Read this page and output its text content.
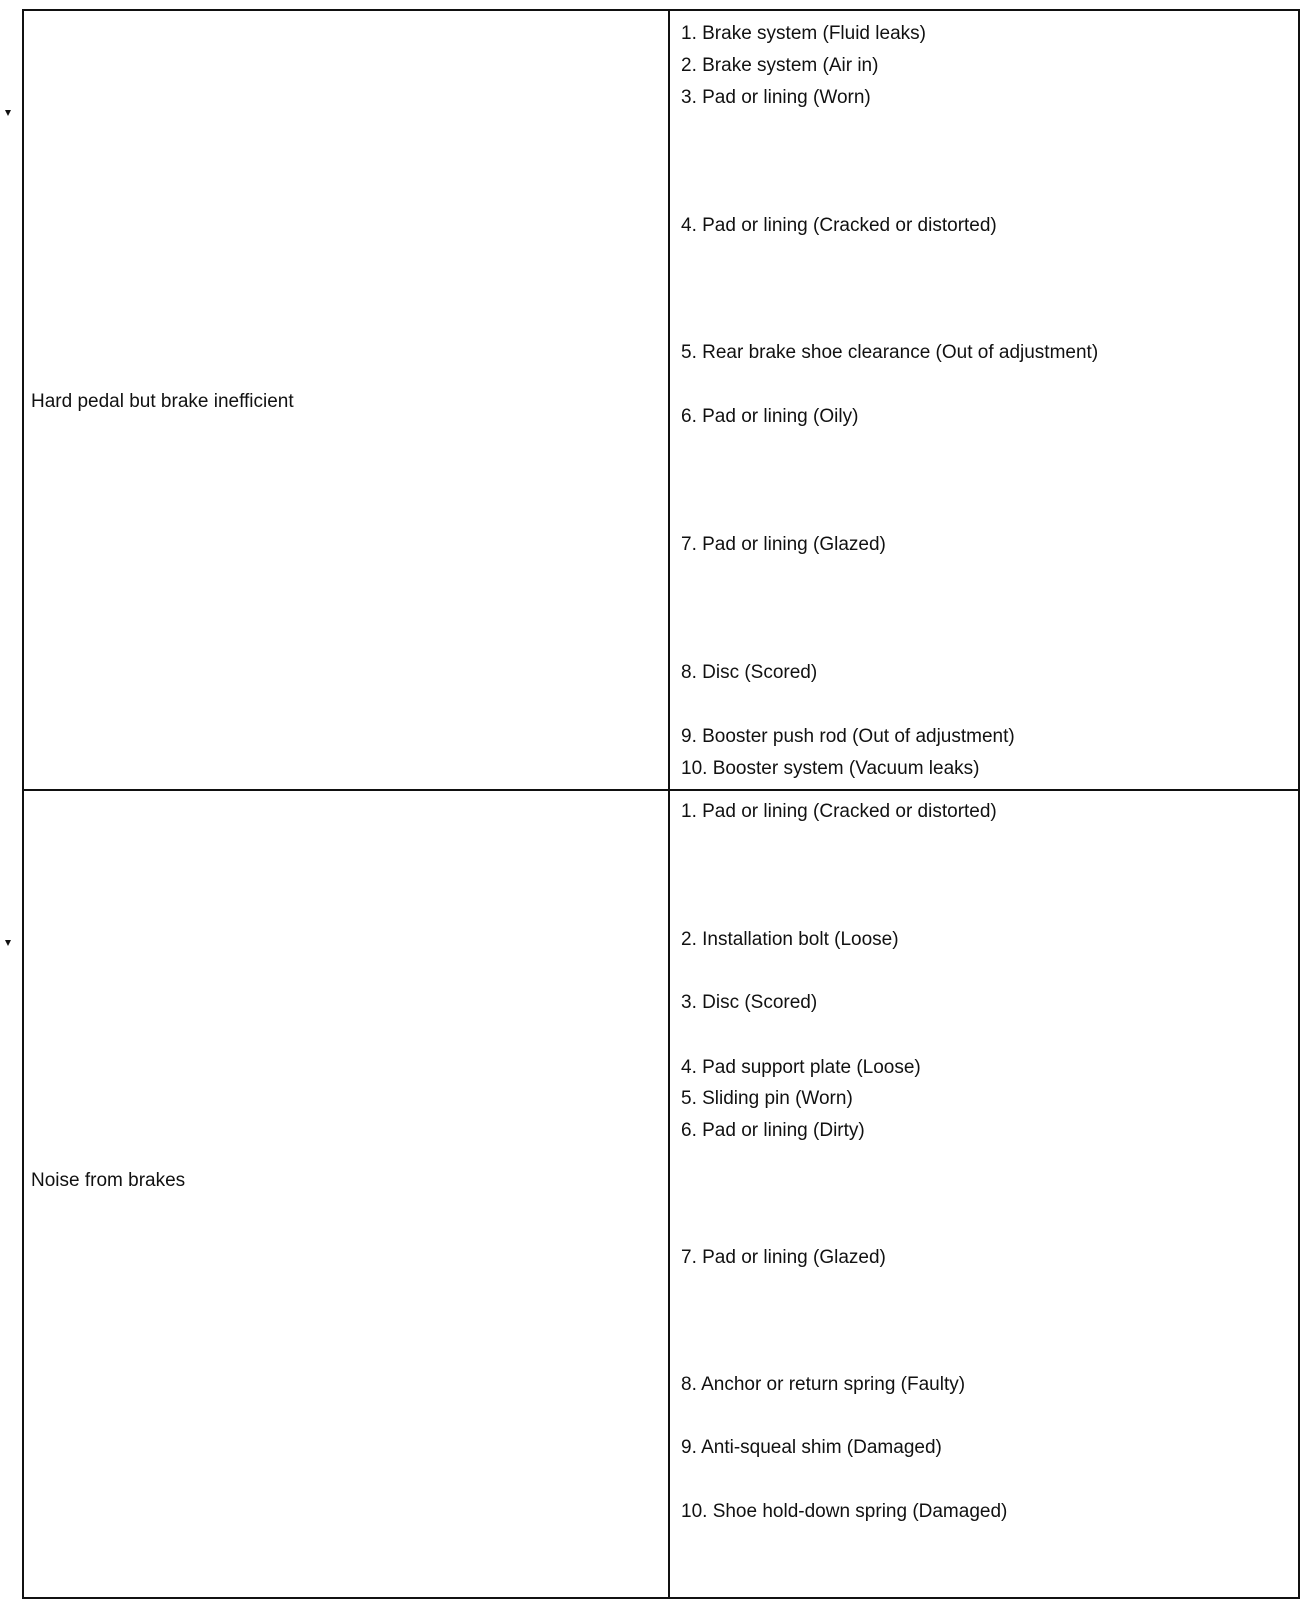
Hard pedal but brake inefficient
1. Brake system (Fluid leaks)
2. Brake system (Air in)
3. Pad or lining (Worn)
4. Pad or lining (Cracked or distorted)
5. Rear brake shoe clearance (Out of adjustment)
6. Pad or lining (Oily)
7. Pad or lining (Glazed)
8. Disc (Scored)
9. Booster push rod (Out of adjustment)
10. Booster system (Vacuum leaks)
Noise from brakes
1. Pad or lining (Cracked or distorted)
2. Installation bolt (Loose)
3. Disc (Scored)
4. Pad support plate (Loose)
5. Sliding pin (Worn)
6. Pad or lining (Dirty)
7. Pad or lining (Glazed)
8. Anchor or return spring (Faulty)
9. Anti-squeal shim (Damaged)
10. Shoe hold-down spring (Damaged)
